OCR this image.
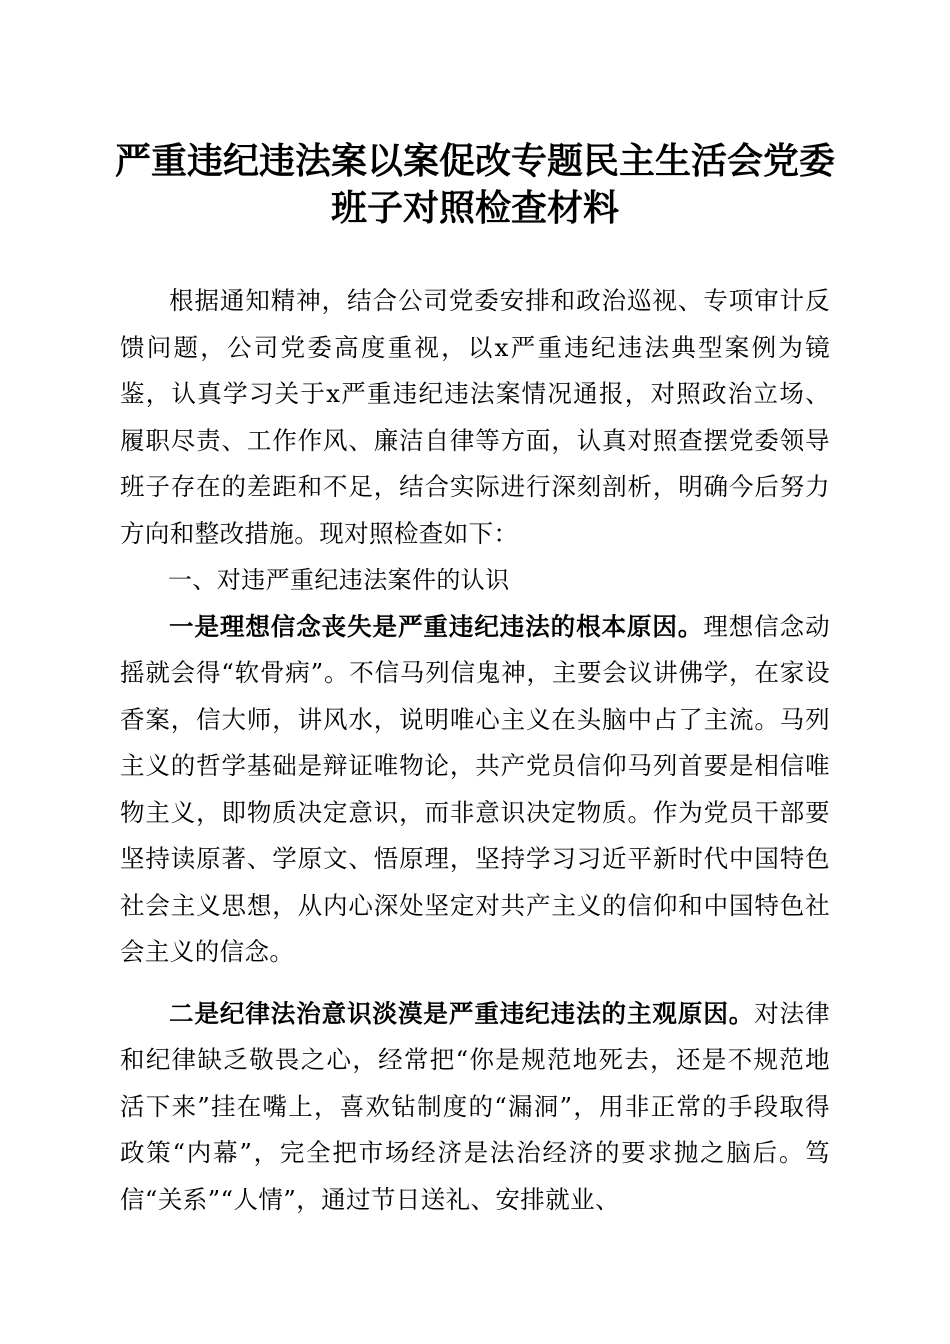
严重违纪违法案以案促改专题民主生活会党委
班子对照检查材料

根据通知精神，结合公司党委安排和政治巡视、专项审计反馈问题，公司党委高度重视，以x严重违纪违法典型案例为镜鉴，认真学习关于x严重违纪违法案情况通报，对照政治立场、履职尽责、工作作风、廉洁自律等方面，认真对照查摆党委领导班子存在的差距和不足，结合实际进行深刻剖析，明确今后努力方向和整改措施。现对照检查如下：

一、对违严重纪违法案件的认识

一是理想信念丧失是严重违纪违法的根本原因。理想信念动摇就会得“软骨病”。不信马列信鬼神，主要会议讲佛学，在家设香案，信大师，讲风水，说明唯心主义在头脑中占了主流。马列主义的哲学基础是辩证唯物论，共产党员信仰马列首要是相信唯物主义，即物质决定意识，而非意识决定物质。作为党员干部要坚持读原著、学原文、悟原理，坚持学习习近平新时代中国特色社会主义思想，从内心深处坚定对共产主义的信仰和中国特色社会主义的信念。

二是纪律法治意识淡漠是严重违纪违法的主观原因。对法律和纪律缺乏敬畏之心，经常把“你是规范地死去，还是不规范地活下来”挂在嘴上，喜欢钻制度的“漏洞”，用非正常的手段取得政策“内幕”，完全把市场经济是法治经济的要求抛之脑后。笃信“关系”“人情”，通过节日送礼、安排就业、
